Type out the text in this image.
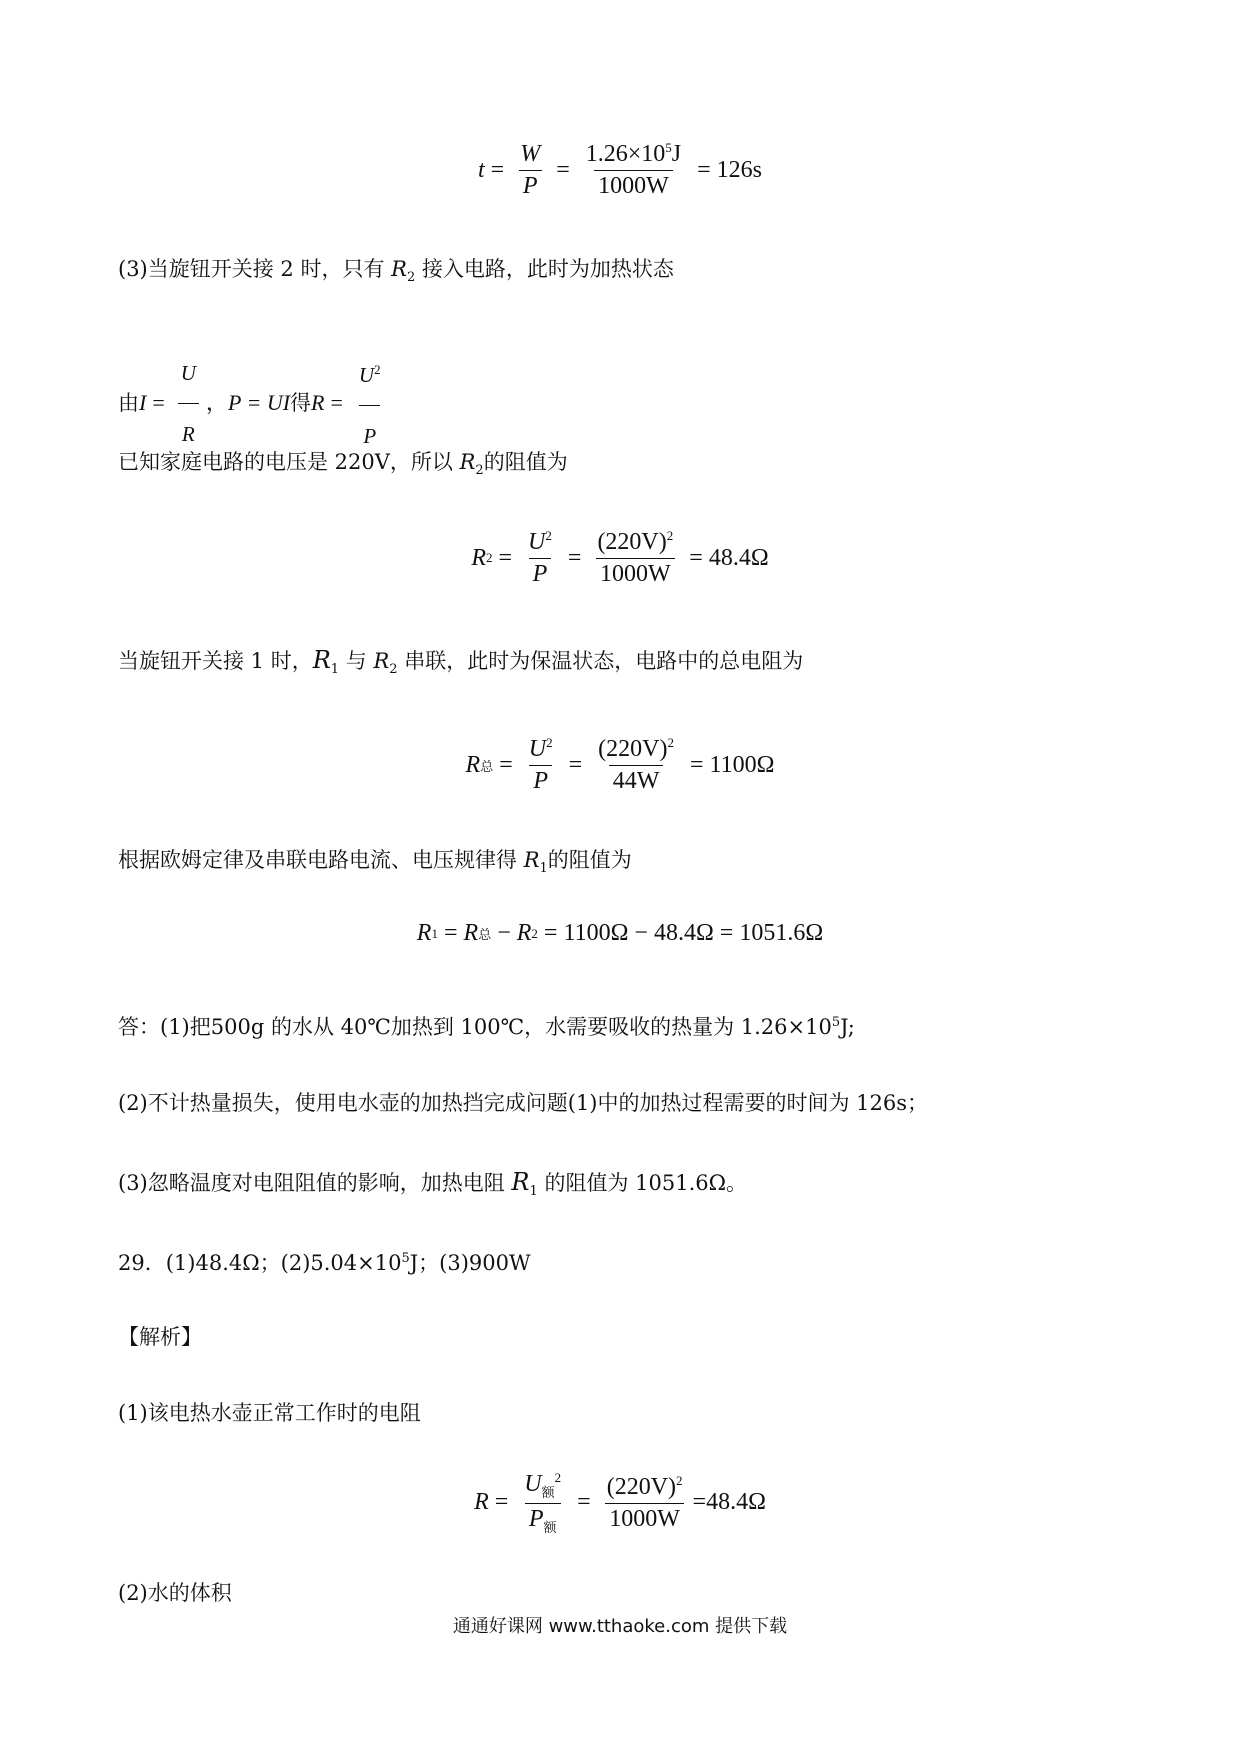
$t = \frac{W}{P} = \frac{1.26\times 10^5J}{1000W} = 126s$
(3)当旋钮开关接 2 时，只有 $R_2$ 接入电路，此时为加热状态
由 $I = \frac{U}{R}$ ， P = UI 得 $R = \frac{U^2}{P}$
已知家庭电路的电压是 220V，所以 $R_2$的阻值为
R $2 = \frac{U^2}{P} = \frac{(220V)^2}{1000W} = 48.4\Omega$
当旋钮开关接 1 时，$R_1$ 与 $R_2$ 串联，此时为保温状态，电路中的总电阻为
R 总 = $\frac{U^2}{P} = \frac{(220V)^2}{44W} = 1100\Omega$
根据欧姆定律及串联电路电流、电压规律得 $R_1$的阻值为
R 1 = R 总 − R 2 = 1100Ω − 48.4Ω = 1051.6Ω
答：(1)把500g 的水从 40℃加热到 100℃，水需要吸收的热量为 $1.26\times 10^5J$;
(2)不计热量损失，使用电水壶的加热挡完成问题(1)中的加热过程需要的时间为 126s；
(3)忽略温度对电阻阻值的影响，加热电阻 $R_1$ 的阻值为 1051.6Ω。
29．(1)48.4Ω；$(2)5.04\times 10^5J$；(3)900W
【解析】
(1)该电热水壶正常工作时的电阻
$R = \frac{U_额^2}{P_额} = \frac{(220V)^2}{1000W} =48.4\Omega$
(2)水的体积
通通好课网 www.tthaoke.com 提供下载
